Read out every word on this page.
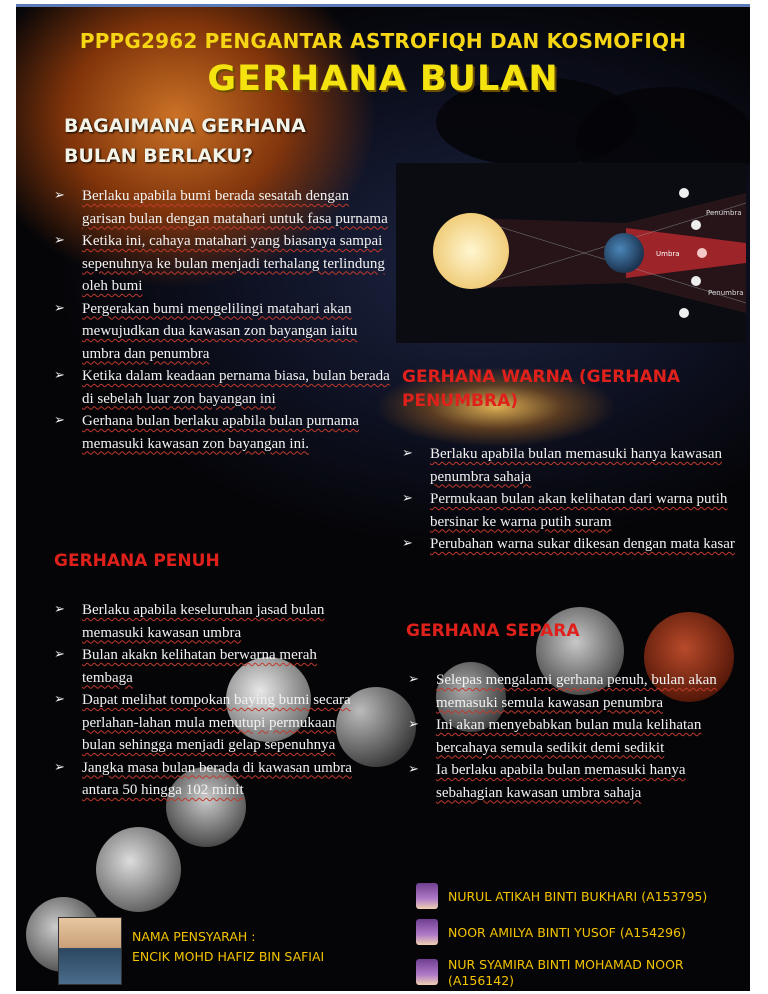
PPPG2962 PENGANTAR ASTROFIQH DAN KOSMOFIQH
GERHANA BULAN
BAGAIMANA GERHANA
BULAN BERLAKU?
➢ Berlaku apabila bumi berada sesatah dengan garisan bulan dengan matahari untuk fasa purnama
➢ Ketika ini, cahaya matahari yang biasanya sampai sepenuhnya ke bulan menjadi terhalang terlindung oleh bumi
➢ Pergerakan bumi mengelilingi matahari akan mewujudkan dua kawasan zon bayangan iaitu umbra dan penumbra
➢ Ketika dalam keadaan pernama biasa, bulan berada di sebelah luar zon bayangan ini
➢ Gerhana bulan berlaku apabila bulan purnama memasuki kawasan zon bayangan ini.
Penumbra
Umbra
Penumbra
GERHANA WARNA (GERHANA
PENUMBRA)
➢ Berlaku apabila bulan memasuki hanya kawasan penumbra sahaja
➢ Permukaan bulan akan kelihatan dari warna putih bersinar ke warna putih suram
➢ Perubahan warna sukar dikesan dengan mata kasar
GERHANA PENUH
➢ Berlaku apabila keseluruhan jasad bulan memasuki kawasan umbra
➢ Bulan akakn kelihatan berwarna merah tembaga
➢ Dapat melihat tompokan baying bumi secara perlahan-lahan mula menutupi permukaan bulan sehingga menjadi gelap sepenuhnya
➢ Jangka masa bulan berada di kawasan umbra antara 50 hingga 102 minit
GERHANA SEPARA
➢ Selepas mengalami gerhana penuh, bulan akan memasuki semula kawasan penumbra
➢ Ini akan menyebabkan bulan mula kelihatan bercahaya semula sedikit demi sedikit
➢ Ia berlaku apabila bulan memasuki hanya sebahagian kawasan umbra sahaja
NAMA PENSYARAH :
ENCIK MOHD HAFIZ BIN SAFIAI
NURUL ATIKAH BINTI BUKHARI (A153795)
NOOR AMILYA BINTI YUSOF (A154296)
NUR SYAMIRA BINTI MOHAMAD NOOR
(A156142)
